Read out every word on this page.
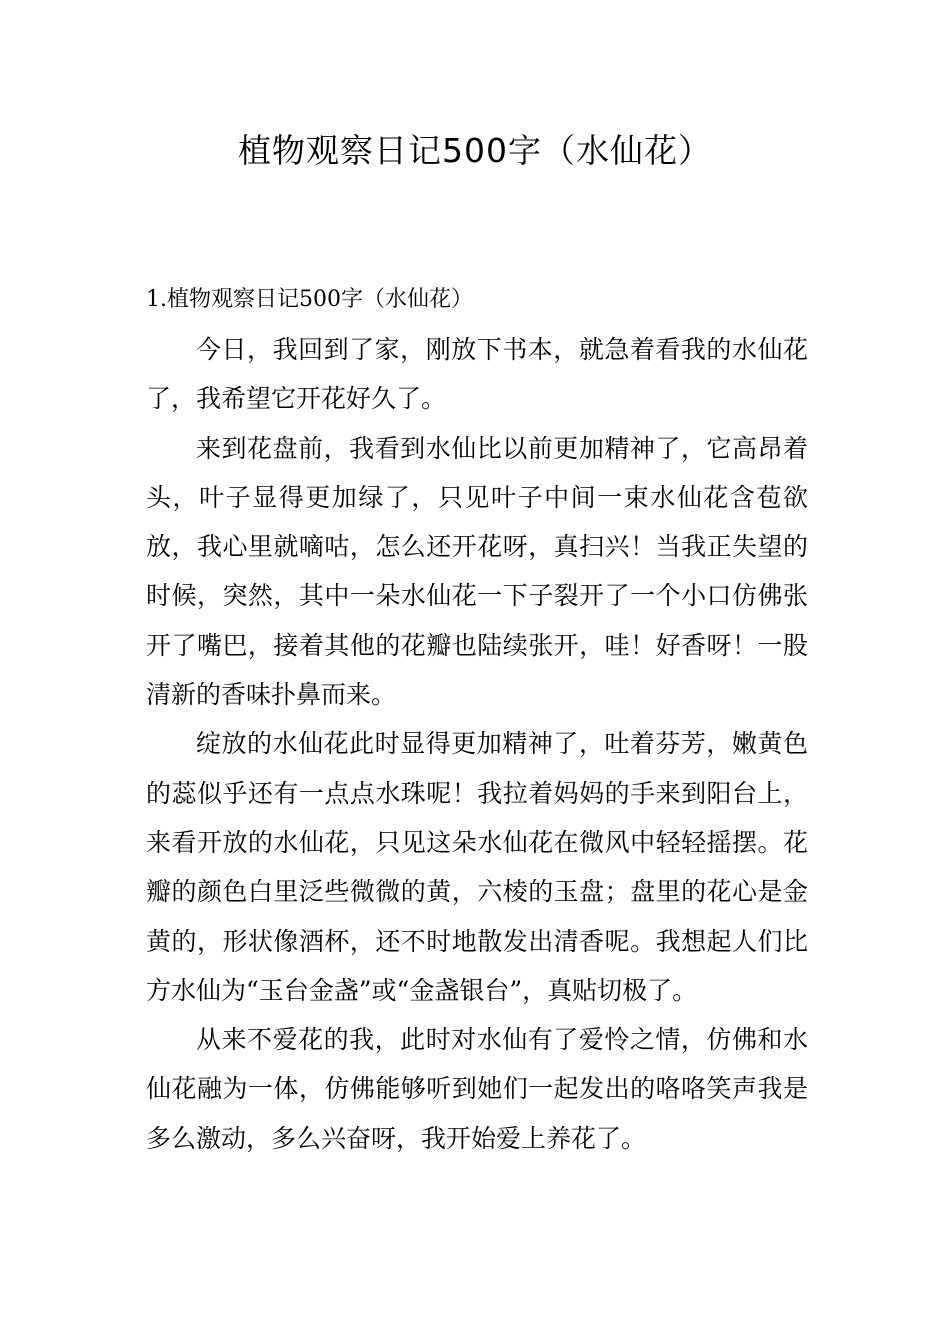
植物观察日记500字（水仙花）
1.植物观察日记500字（水仙花）

今日，我回到了家，刚放下书本，就急着看我的水仙花了，我希望它开花好久了。

来到花盘前，我看到水仙比以前更加精神了，它高昂着头，叶子显得更加绿了，只见叶子中间一束水仙花含苞欲放，我心里就嘀咕，怎么还开花呀，真扫兴！当我正失望的时候，突然，其中一朵水仙花一下子裂开了一个小口仿佛张开了嘴巴，接着其他的花瓣也陆续张开，哇！好香呀！一股清新的香味扑鼻而来。

绽放的水仙花此时显得更加精神了，吐着芬芳，嫩黄色的蕊似乎还有一点点水珠呢！我拉着妈妈的手来到阳台上，来看开放的水仙花，只见这朵水仙花在微风中轻轻摇摆。花瓣的颜色白里泛些微微的黄，六棱的玉盘；盘里的花心是金黄的，形状像酒杯，还不时地散发出清香呢。我想起人们比方水仙为“玉台金盏”或“金盏银台”，真贴切极了。

从来不爱花的我，此时对水仙有了爱怜之情，仿佛和水仙花融为一体，仿佛能够听到她们一起发出的咯咯笑声我是多么激动，多么兴奋呀，我开始爱上养花了。
